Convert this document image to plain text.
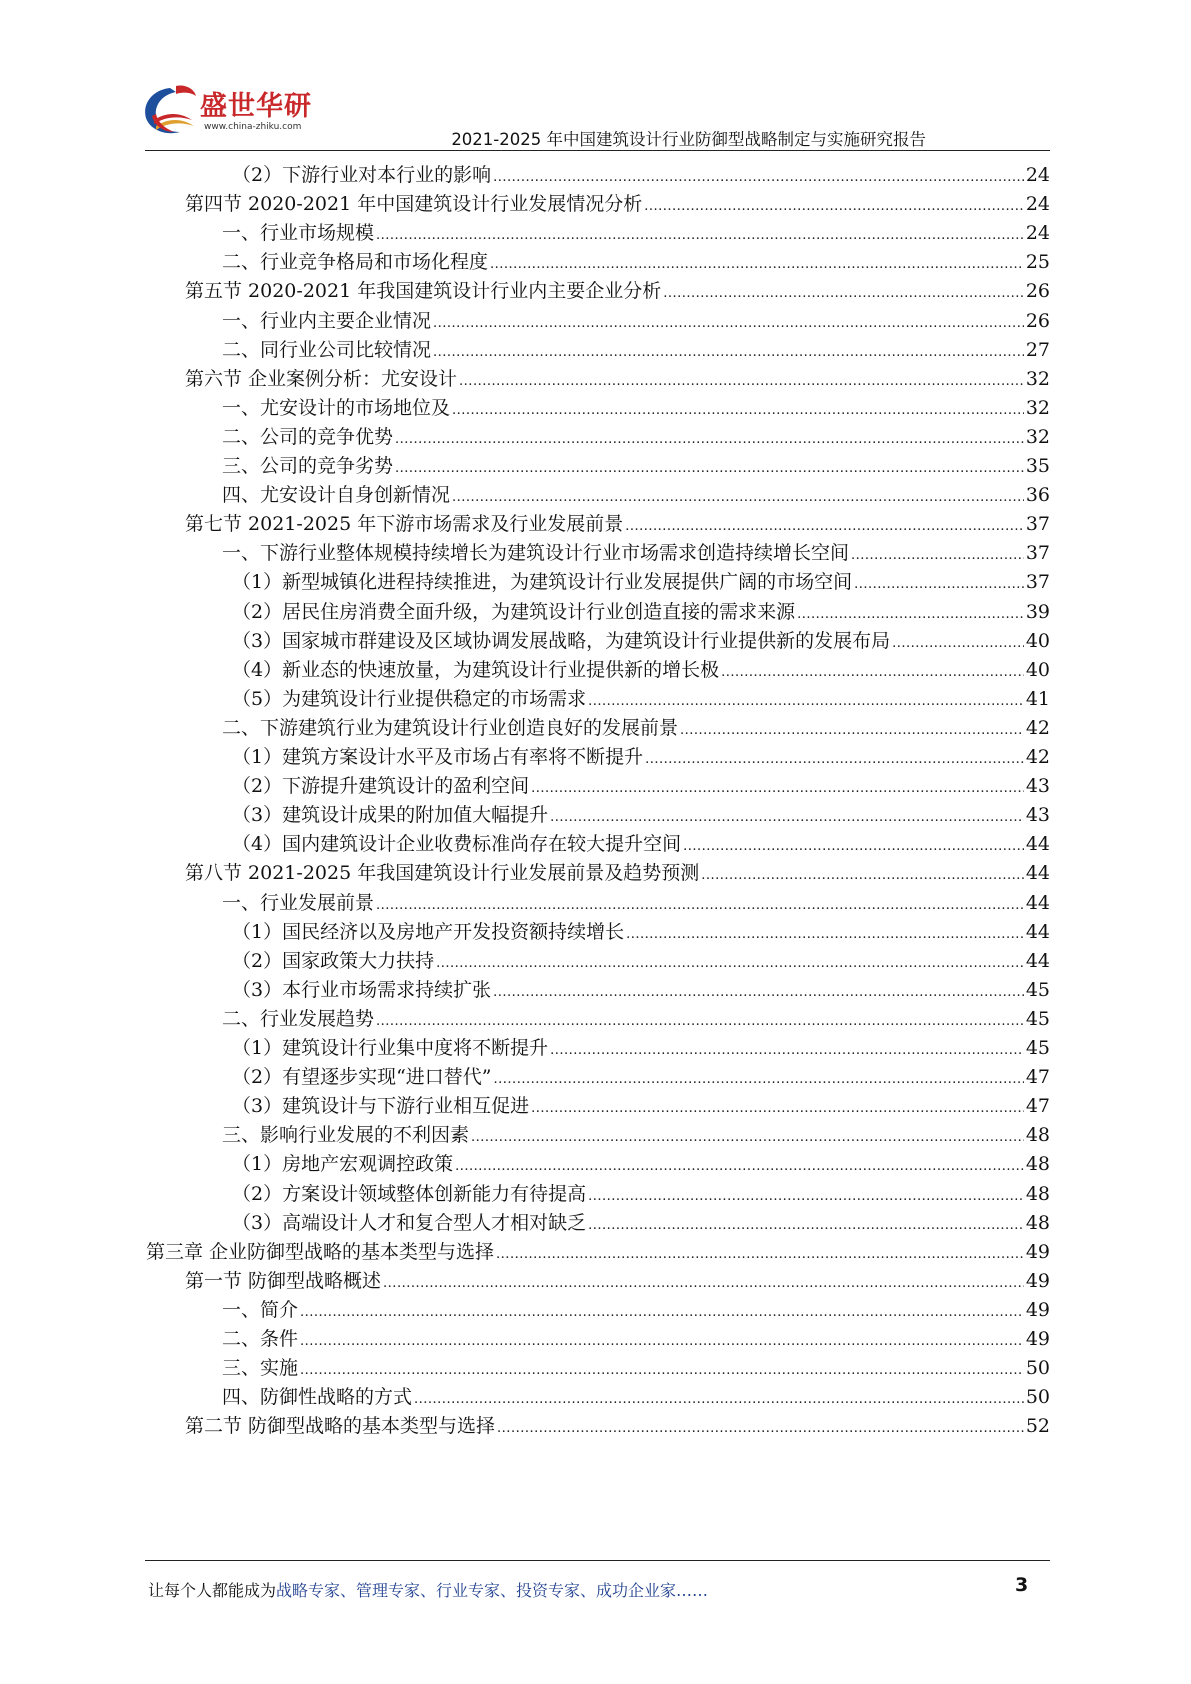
盛世华研
www.china-zhiku.com
2021-2025 年中国建筑设计行业防御型战略制定与实施研究报告
（2）下游行业对本行业的影响 .....	24
第四节 2020-2021 年中国建筑设计行业发展情况分析 .....	24
一、行业市场规模 .....	24
二、行业竞争格局和市场化程度 .....	25
第五节 2020-2021 年我国建筑设计行业内主要企业分析 .....	26
一、行业内主要企业情况 .....	26
二、同行业公司比较情况 .....	27
第六节 企业案例分析：尤安设计 .....	32
一、尤安设计的市场地位及 .....	32
二、公司的竞争优势 .....	32
三、公司的竞争劣势 .....	35
四、尤安设计自身创新情况 .....	36
第七节 2021-2025 年下游市场需求及行业发展前景 .....	37
一、下游行业整体规模持续增长为建筑设计行业市场需求创造持续增长空间 .....	37
（1）新型城镇化进程持续推进，为建筑设计行业发展提供广阔的市场空间 .....	37
（2）居民住房消费全面升级，为建筑设计行业创造直接的需求来源 .....	39
（3）国家城市群建设及区域协调发展战略，为建筑设计行业提供新的发展布局 .....	40
（4）新业态的快速放量，为建筑设计行业提供新的增长极 .....	40
（5）为建筑设计行业提供稳定的市场需求 .....	41
二、下游建筑行业为建筑设计行业创造良好的发展前景 .....	42
（1）建筑方案设计水平及市场占有率将不断提升 .....	42
（2）下游提升建筑设计的盈利空间 .....	43
（3）建筑设计成果的附加值大幅提升 .....	43
（4）国内建筑设计企业收费标准尚存在较大提升空间 .....	44
第八节 2021-2025 年我国建筑设计行业发展前景及趋势预测 .....	44
一、行业发展前景 .....	44
（1）国民经济以及房地产开发投资额持续增长 .....	44
（2）国家政策大力扶持 .....	44
（3）本行业市场需求持续扩张 .....	45
二、行业发展趋势 .....	45
（1）建筑设计行业集中度将不断提升 .....	45
（2）有望逐步实现“进口替代” .....	47
（3）建筑设计与下游行业相互促进 .....	47
三、影响行业发展的不利因素 .....	48
（1）房地产宏观调控政策 .....	48
（2）方案设计领域整体创新能力有待提高 .....	48
（3）高端设计人才和复合型人才相对缺乏 .....	48
第三章 企业防御型战略的基本类型与选择 .....	49
第一节 防御型战略概述 .....	49
一、简介 .....	49
二、条件 .....	49
三、实施 .....	50
四、防御性战略的方式 .....	50
第二节 防御型战略的基本类型与选择 .....	52
让每个人都能成为战略专家、管理专家、行业专家、投资专家、成功企业家……	3
